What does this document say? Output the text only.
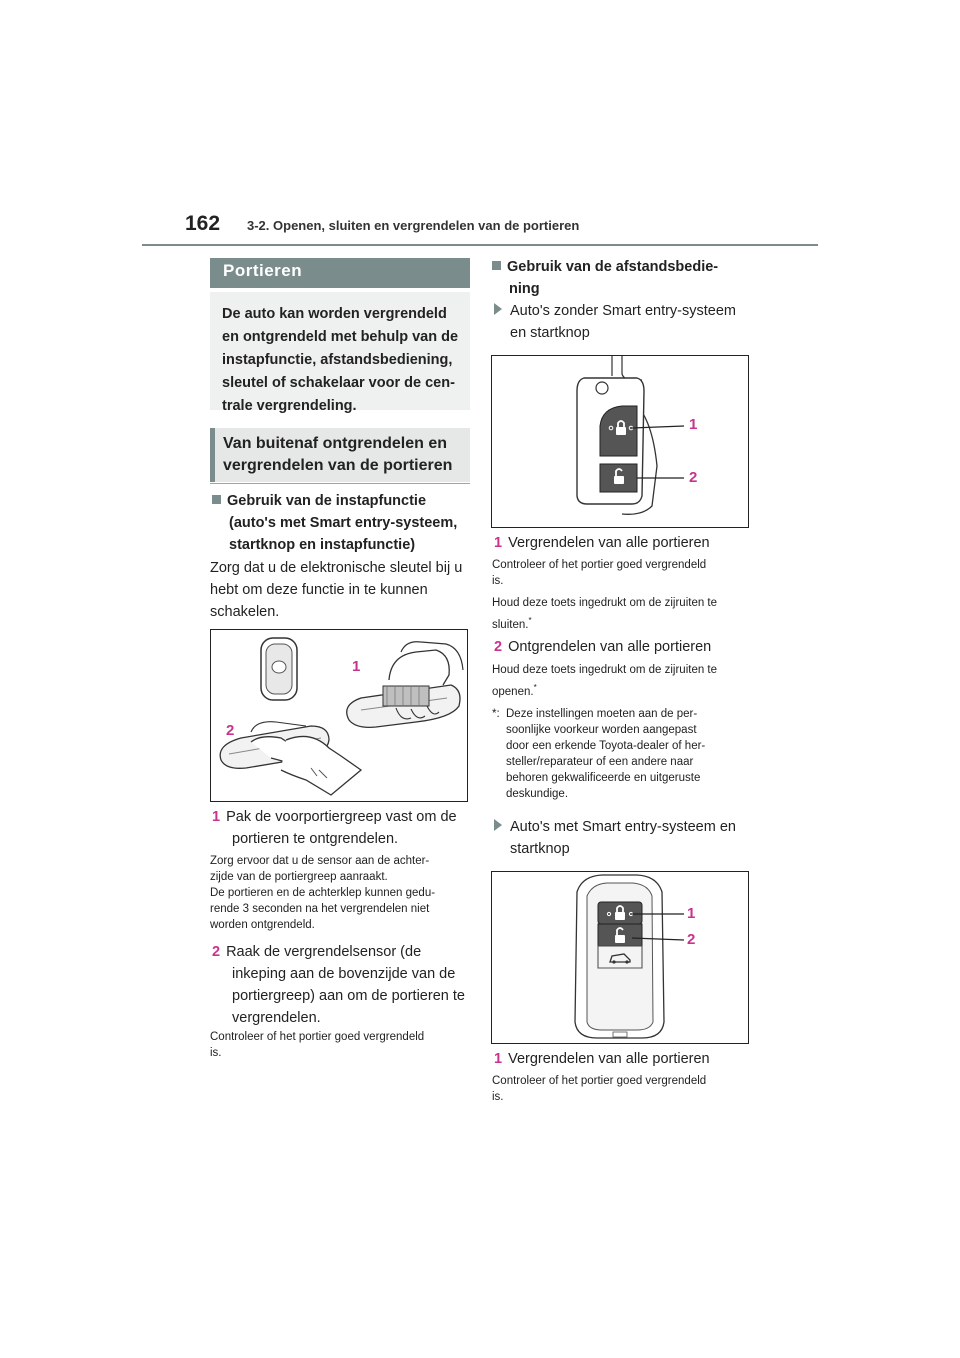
162 3-2. Openen, sluiten en vergrendelen van de portieren
Portieren
De auto kan worden vergrendeld
en ontgrendeld met behulp van de
instapfunctie, afstandsbediening,
sleutel of schakelaar voor de cen-
trale vergrendeling.
Van buitenaf ontgrendelen en
vergrendelen van de portieren
Gebruik van de instapfunctie
(auto's met Smart entry-systeem,
startknop en instapfunctie)
Zorg dat u de elektronische sleutel bij u
hebt om deze functie in te kunnen
schakelen.
1
2
1 Pak de voorportiergreep vast om de
portieren te ontgrendelen.
Zorg ervoor dat u de sensor aan de achter-
zijde van de portiergreep aanraakt.
De portieren en de achterklep kunnen gedu-
rende 3 seconden na het vergrendelen niet
worden ontgrendeld.
2 Raak de vergrendelsensor (de
inkeping aan de bovenzijde van de
portiergreep) aan om de portieren te
vergrendelen.
Controleer of het portier goed vergrendeld
is.
Gebruik van de afstandsbedie-
ning
Auto's zonder Smart entry-systeem
en startknop
1
2
1 Vergrendelen van alle portieren
Controleer of het portier goed vergrendeld
is.
Houd deze toets ingedrukt om de zijruiten te
sluiten.*
2 Ontgrendelen van alle portieren
Houd deze toets ingedrukt om de zijruiten te
openen.*
*: Deze instellingen moeten aan de per-
soonlijke voorkeur worden aangepast
door een erkende Toyota-dealer of her-
steller/reparateur of een andere naar
behoren gekwalificeerde en uitgeruste
deskundige.
Auto's met Smart entry-systeem en
startknop
1
2
1 Vergrendelen van alle portieren
Controleer of het portier goed vergrendeld
is.
